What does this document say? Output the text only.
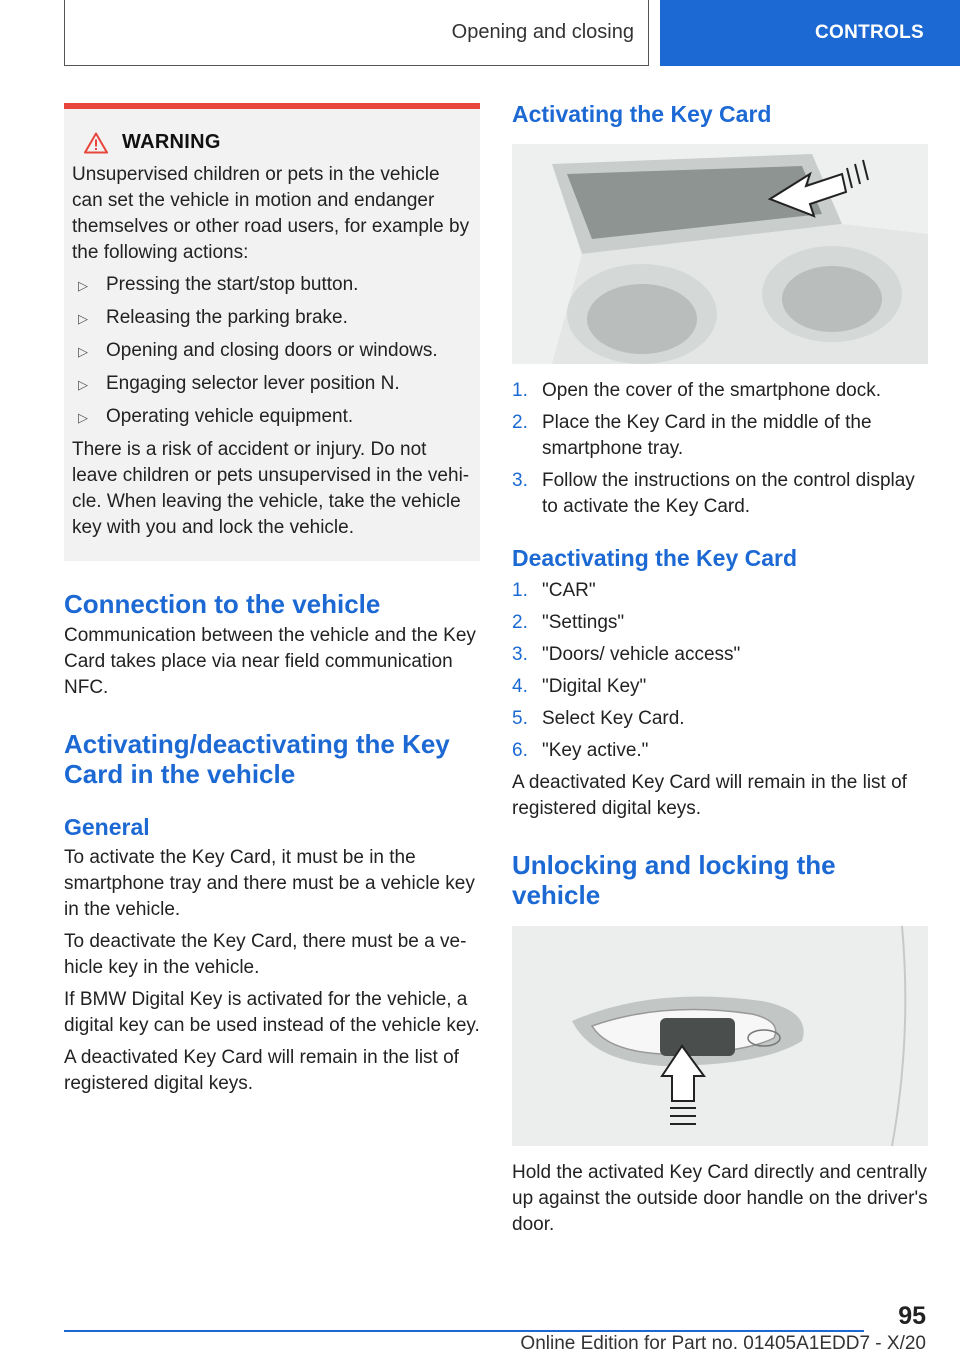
Opening and closing	CONTROLS
WARNING

Unsupervised children or pets in the vehicle can set the vehicle in motion and endanger themselves or other road users, for example by the following actions:

▷ Pressing the start/stop button.
▷ Releasing the parking brake.
▷ Opening and closing doors or windows.
▷ Engaging selector lever position N.
▷ Operating vehicle equipment.

There is a risk of accident or injury. Do not leave children or pets unsupervised in the vehicle. When leaving the vehicle, take the vehicle key with you and lock the vehicle.

Connection to the vehicle

Communication between the vehicle and the Key Card takes place via near field communication NFC.

Activating/deactivating the Key Card in the vehicle
General

To activate the Key Card, it must be in the smartphone tray and there must be a vehicle key in the vehicle.

To deactivate the Key Card, there must be a vehicle key in the vehicle.

If BMW Digital Key is activated for the vehicle, a digital key can be used instead of the vehicle key.

A deactivated Key Card will remain in the list of registered digital keys.

Activating the Key Card
1. Open the cover of the smartphone dock.
2. Place the Key Card in the middle of the smartphone tray.
3. Follow the instructions on the control display to activate the Key Card.
Deactivating the Key Card
1. "CAR"
2. "Settings"
3. "Doors/ vehicle access"
4. "Digital Key"
5. Select Key Card.
6. "Key active."

A deactivated Key Card will remain in the list of registered digital keys.

Unlocking and locking the vehicle

Hold the activated Key Card directly and centrally up against the outside door handle on the driver's door.

95
Online Edition for Part no. 01405A1EDD7 - X/20
